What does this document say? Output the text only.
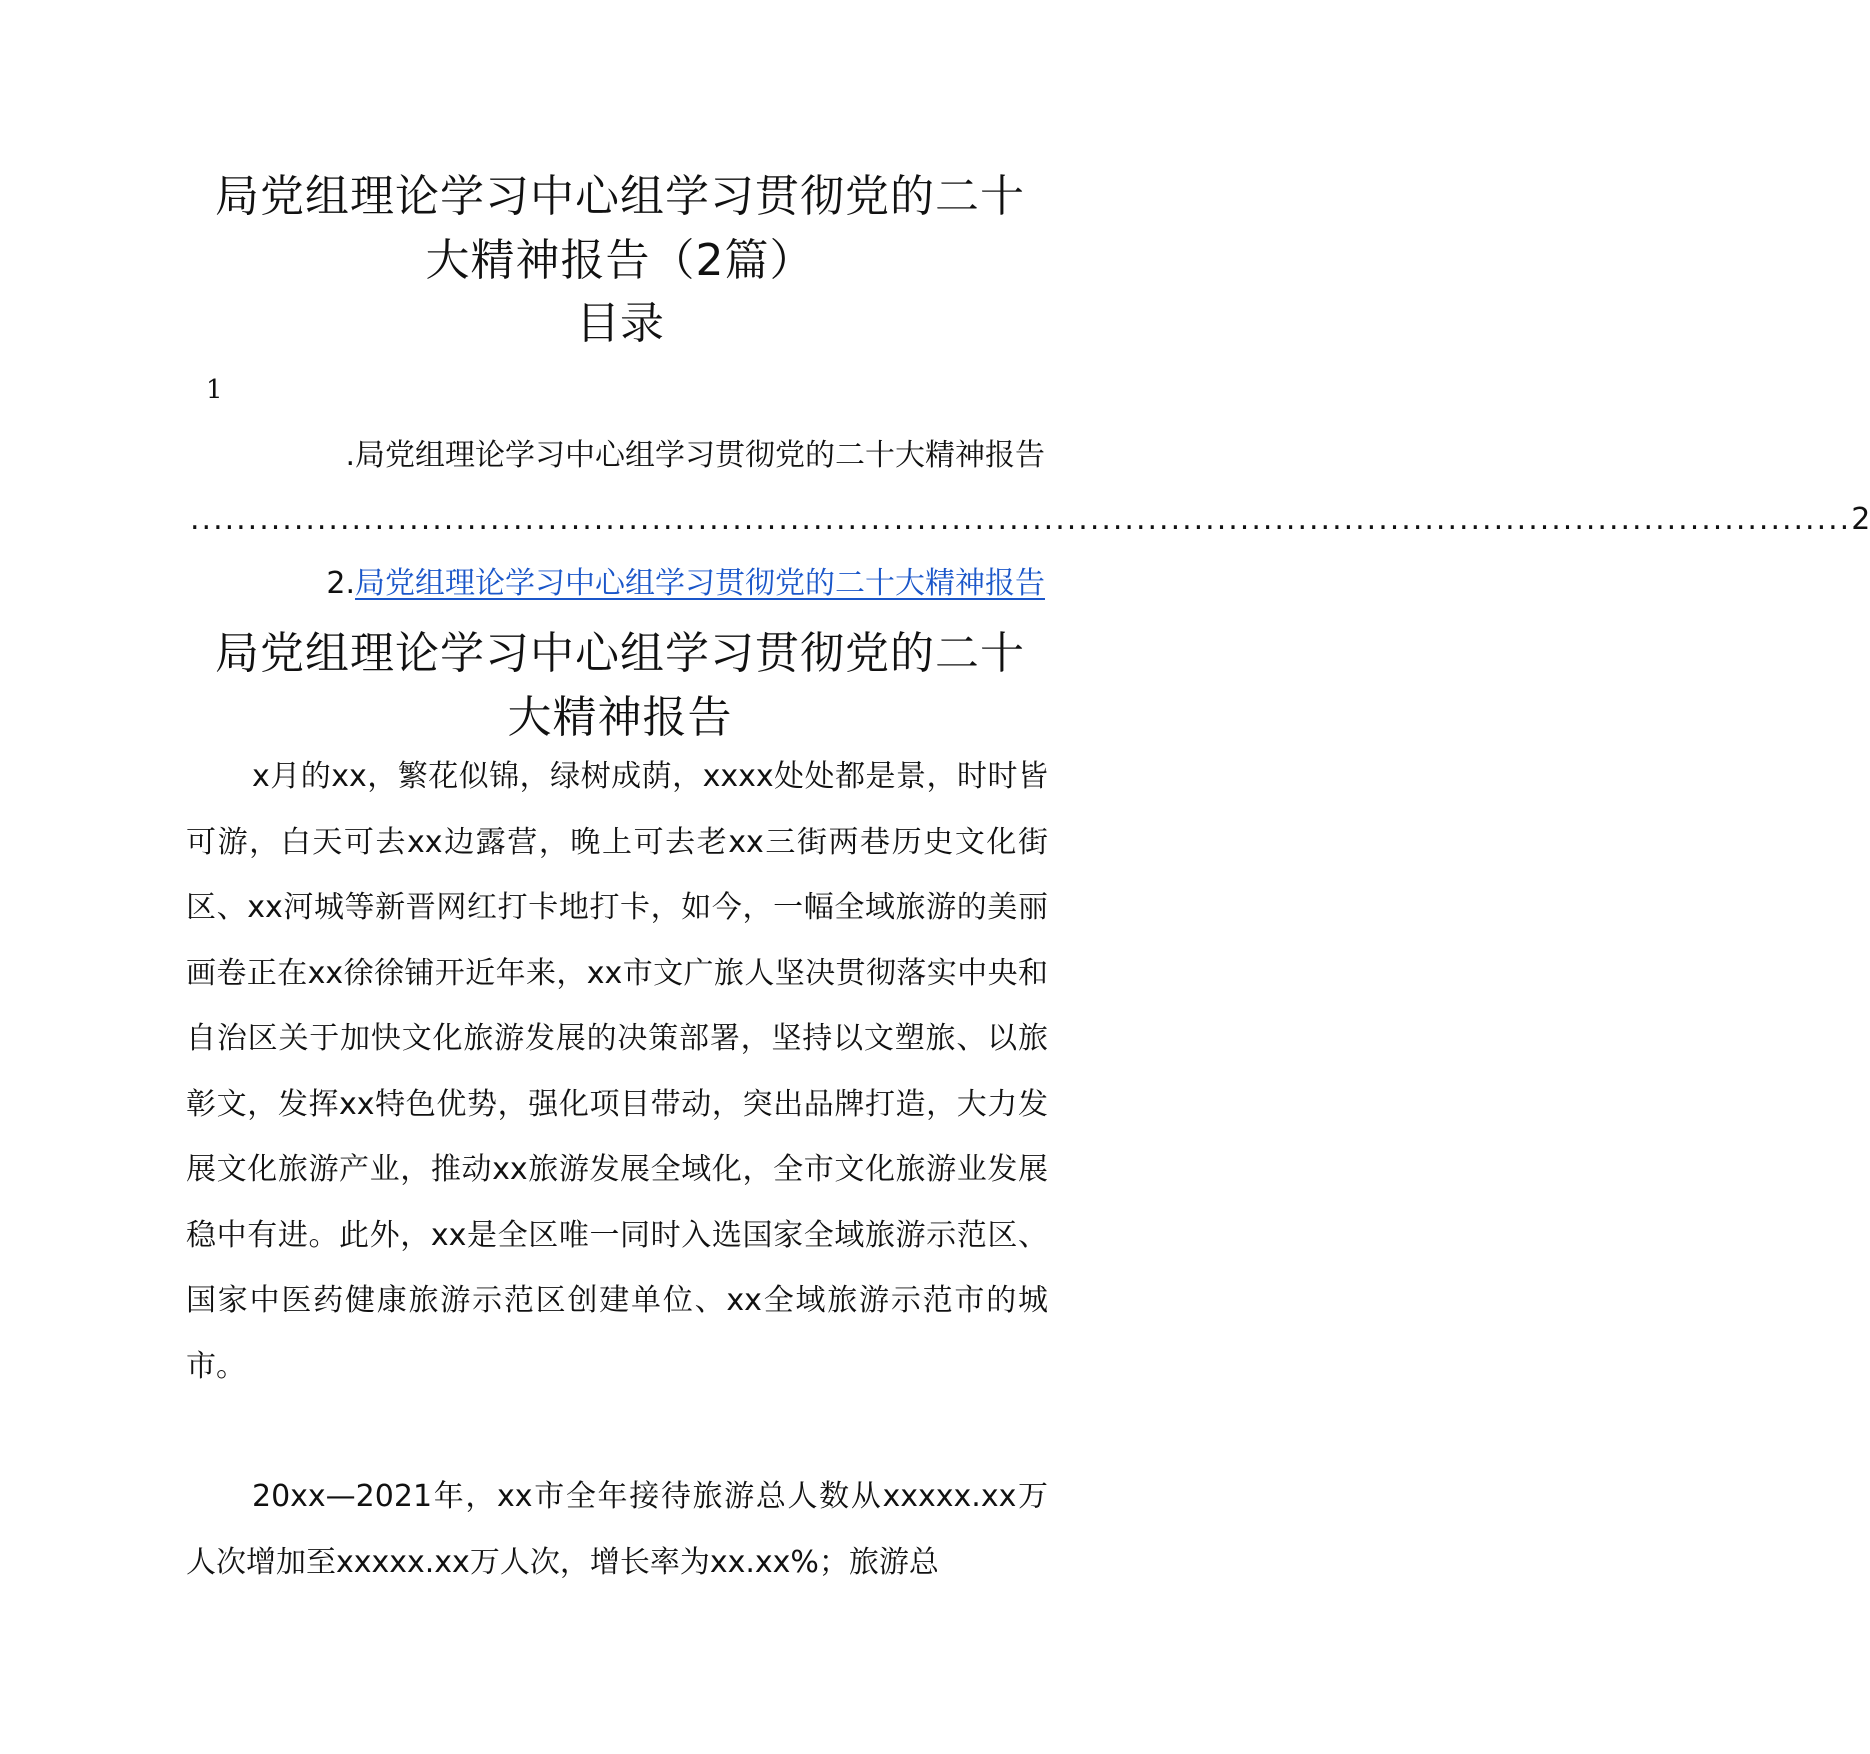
局党组理论学习中心组学习贯彻党的二十
大精神报告（2篇）
目录
1
.局党组理论学习中心组学习贯彻党的二十大精神报告
................................................................................................................................................ 2
2.局党组理论学习中心组学习贯彻党的二十大精神报告
局党组理论学习中心组学习贯彻党的二十
大精神报告

x月的xx，繁花似锦，绿树成荫，xxxx处处都是景，时时皆可游，白天可去xx边露营，晚上可去老xx三街两巷历史文化街区、xx河城等新晋网红打卡地打卡，如今，一幅全域旅游的美丽画卷正在xx徐徐铺开近年来，xx市文广旅人坚决贯彻落实中央和自治区关于加快文化旅游发展的决策部署，坚持以文塑旅、以旅彰文，发挥xx特色优势，强化项目带动，突出品牌打造，大力发展文化旅游产业，推动xx旅游发展全域化，全市文化旅游业发展稳中有进。此外，xx是全区唯一同时入选国家全域旅游示范区、国家中医药健康旅游示范区创建单位、xx全域旅游示范市的城市。

20xx—2021年，xx市全年接待旅游总人数从xxxxx.xx万人次增加至xxxxx.xx万人次，增长率为xx.xx%；旅游总
